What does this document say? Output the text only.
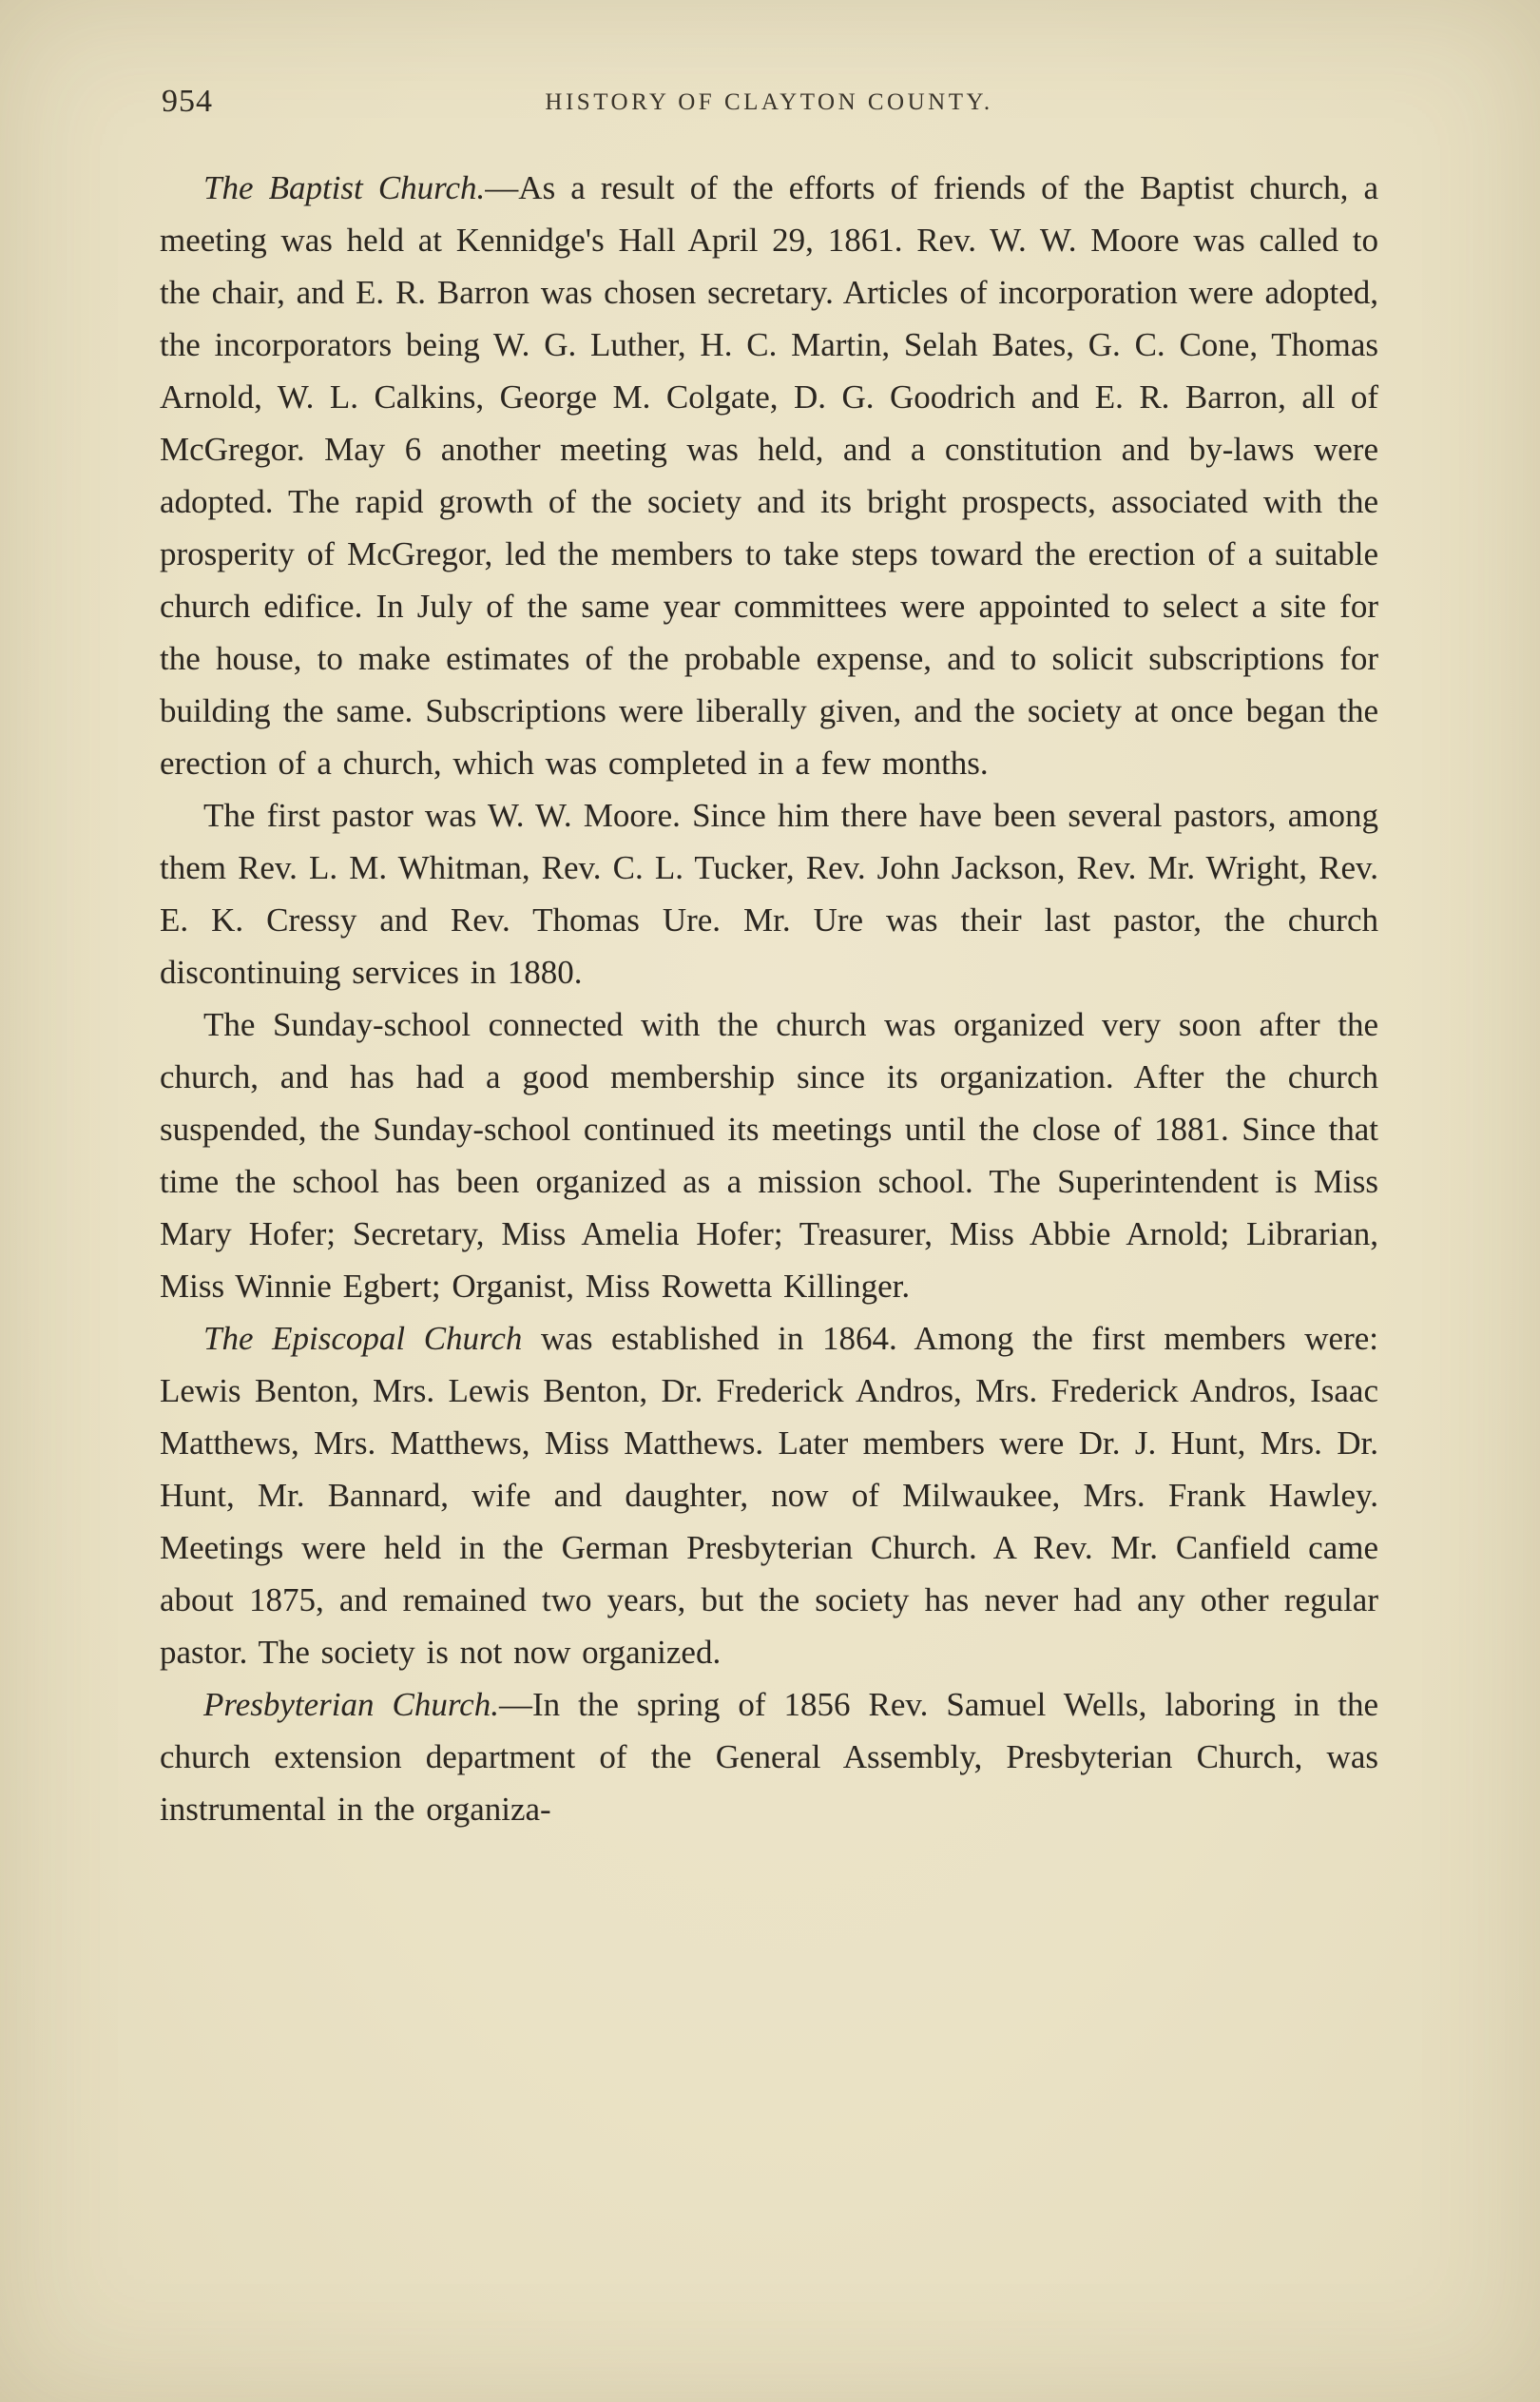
954	HISTORY OF CLAYTON COUNTY.

The Baptist Church.—As a result of the efforts of friends of the Baptist church, a meeting was held at Kennidge's Hall April 29, 1861. Rev. W. W. Moore was called to the chair, and E. R. Barron was chosen secretary. Articles of incorporation were adopted, the incorporators being W. G. Luther, H. C. Martin, Selah Bates, G. C. Cone, Thomas Arnold, W. L. Calkins, George M. Colgate, D. G. Goodrich and E. R. Barron, all of McGregor. May 6 another meeting was held, and a constitution and by-laws were adopted. The rapid growth of the society and its bright prospects, associated with the prosperity of McGregor, led the members to take steps toward the erection of a suitable church edifice. In July of the same year committees were appointed to select a site for the house, to make estimates of the probable expense, and to solicit subscriptions for building the same. Subscriptions were liberally given, and the society at once began the erection of a church, which was completed in a few months.

The first pastor was W. W. Moore. Since him there have been several pastors, among them Rev. L. M. Whitman, Rev. C. L. Tucker, Rev. John Jackson, Rev. Mr. Wright, Rev. E. K. Cressy and Rev. Thomas Ure. Mr. Ure was their last pastor, the church discontinuing services in 1880.

The Sunday-school connected with the church was organized very soon after the church, and has had a good membership since its organization. After the church suspended, the Sunday-school continued its meetings until the close of 1881. Since that time the school has been organized as a mission school. The Superintendent is Miss Mary Hofer; Secretary, Miss Amelia Hofer; Treasurer, Miss Abbie Arnold; Librarian, Miss Winnie Egbert; Organist, Miss Rowetta Killinger.

The Episcopal Church was established in 1864. Among the first members were: Lewis Benton, Mrs. Lewis Benton, Dr. Frederick Andros, Mrs. Frederick Andros, Isaac Matthews, Mrs. Matthews, Miss Matthews. Later members were Dr. J. Hunt, Mrs. Dr. Hunt, Mr. Bannard, wife and daughter, now of Milwaukee, Mrs. Frank Hawley. Meetings were held in the German Presbyterian Church. A Rev. Mr. Canfield came about 1875, and remained two years, but the society has never had any other regular pastor. The society is not now organized.

Presbyterian Church.—In the spring of 1856 Rev. Samuel Wells, laboring in the church extension department of the General Assembly, Presbyterian Church, was instrumental in the organiza-
